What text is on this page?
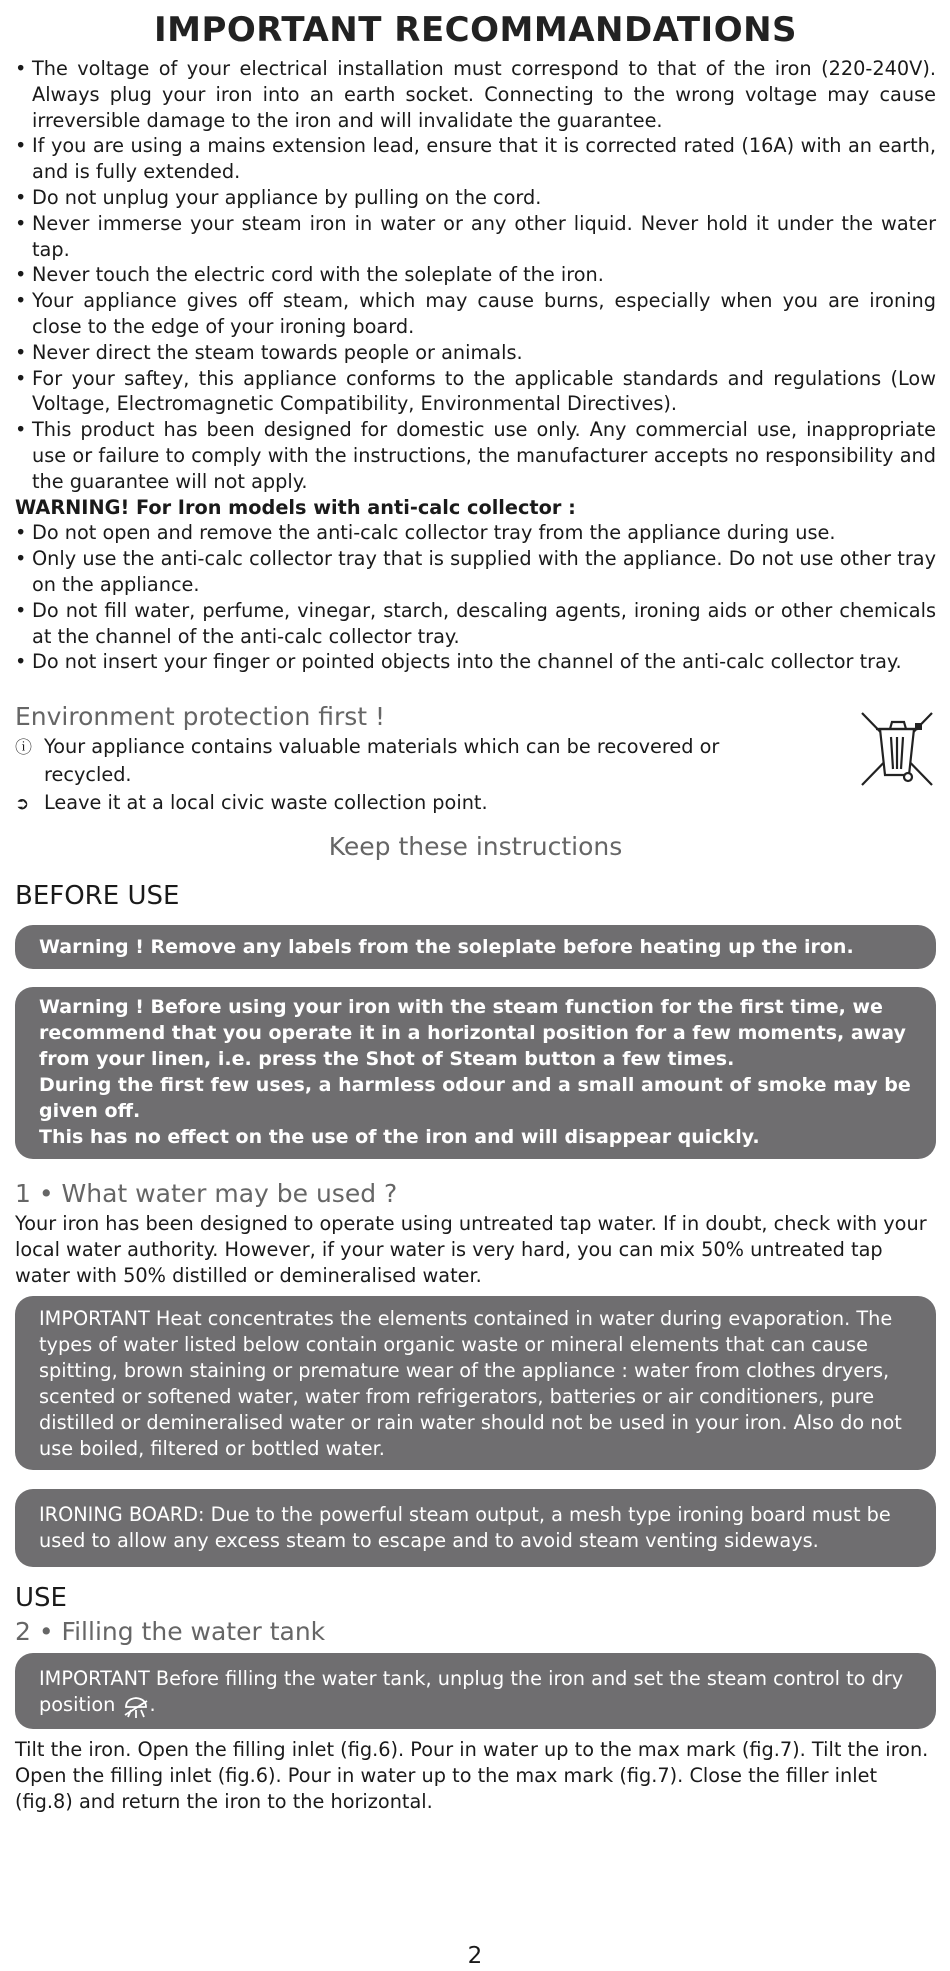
IMPORTANT RECOMMANDATIONS
• The voltage of your electrical installation must correspond to that of the iron (220-240V). Always plug your iron into an earth socket. Connecting to the wrong voltage may cause irreversible damage to the iron and will invalidate the guarantee.
• If you are using a mains extension lead, ensure that it is corrected rated (16A) with an earth, and is fully extended.
• Do not unplug your appliance by pulling on the cord.
• Never immerse your steam iron in water or any other liquid. Never hold it under the water tap.
• Never touch the electric cord with the soleplate of the iron.
• Your appliance gives off steam, which may cause burns, especially when you are ironing close to the edge of your ironing board.
• Never direct the steam towards people or animals.
• For your saftey, this appliance conforms to the applicable standards and regulations (Low Voltage, Electromagnetic Compatibility, Environmental Directives).
• This product has been designed for domestic use only. Any commercial use, inappropriate use or failure to comply with the instructions, the manufacturer accepts no responsibility and the guarantee will not apply.
WARNING! For Iron models with anti-calc collector :
• Do not open and remove the anti-calc collector tray from the appliance during use.
• Only use the anti-calc collector tray that is supplied with the appliance. Do not use other tray on the appliance.
• Do not fill water, perfume, vinegar, starch, descaling agents, ironing aids or other chemicals at the channel of the anti-calc collector tray.
• Do not insert your finger or pointed objects into the channel of the anti-calc collector tray.
Environment protection first !

ⓘ Your appliance contains valuable materials which can be recovered or recycled.

➲ Leave it at a local civic waste collection point.

Keep these instructions
BEFORE USE

Warning ! Remove any labels from the soleplate before heating up the iron.

Warning ! Before using your iron with the steam function for the first time, we recommend that you operate it in a horizontal position for a few moments, away from your linen, i.e. press the Shot of Steam button a few times.

During the first few uses, a harmless odour and a small amount of smoke may be given off.

This has no effect on the use of the iron and will disappear quickly.

1 • What water may be used ?

Your iron has been designed to operate using untreated tap water. If in doubt, check with your local water authority. However, if your water is very hard, you can mix 50% untreated tap water with 50% distilled or demineralised water.

IMPORTANT Heat concentrates the elements contained in water during evaporation. The types of water listed below contain organic waste or mineral elements that can cause spitting, brown staining or premature wear of the appliance : water from clothes dryers, scented or softened water, water from refrigerators, batteries or air conditioners, pure distilled or demineralised water or rain water should not be used in your iron. Also do not use boiled, filtered or bottled water.

IRONING BOARD: Due to the powerful steam output, a mesh type ironing board must be used to allow any excess steam to escape and to avoid steam venting sideways.

USE
2 • Filling the water tank

IMPORTANT Before filling the water tank, unplug the iron and set the steam control to dry position .

Tilt the iron. Open the filling inlet (fig.6). Pour in water up to the max mark (fig.7). Tilt the iron. Open the filling inlet (fig.6). Pour in water up to the max mark (fig.7). Close the filler inlet (fig.8) and return the iron to the horizontal.

2
